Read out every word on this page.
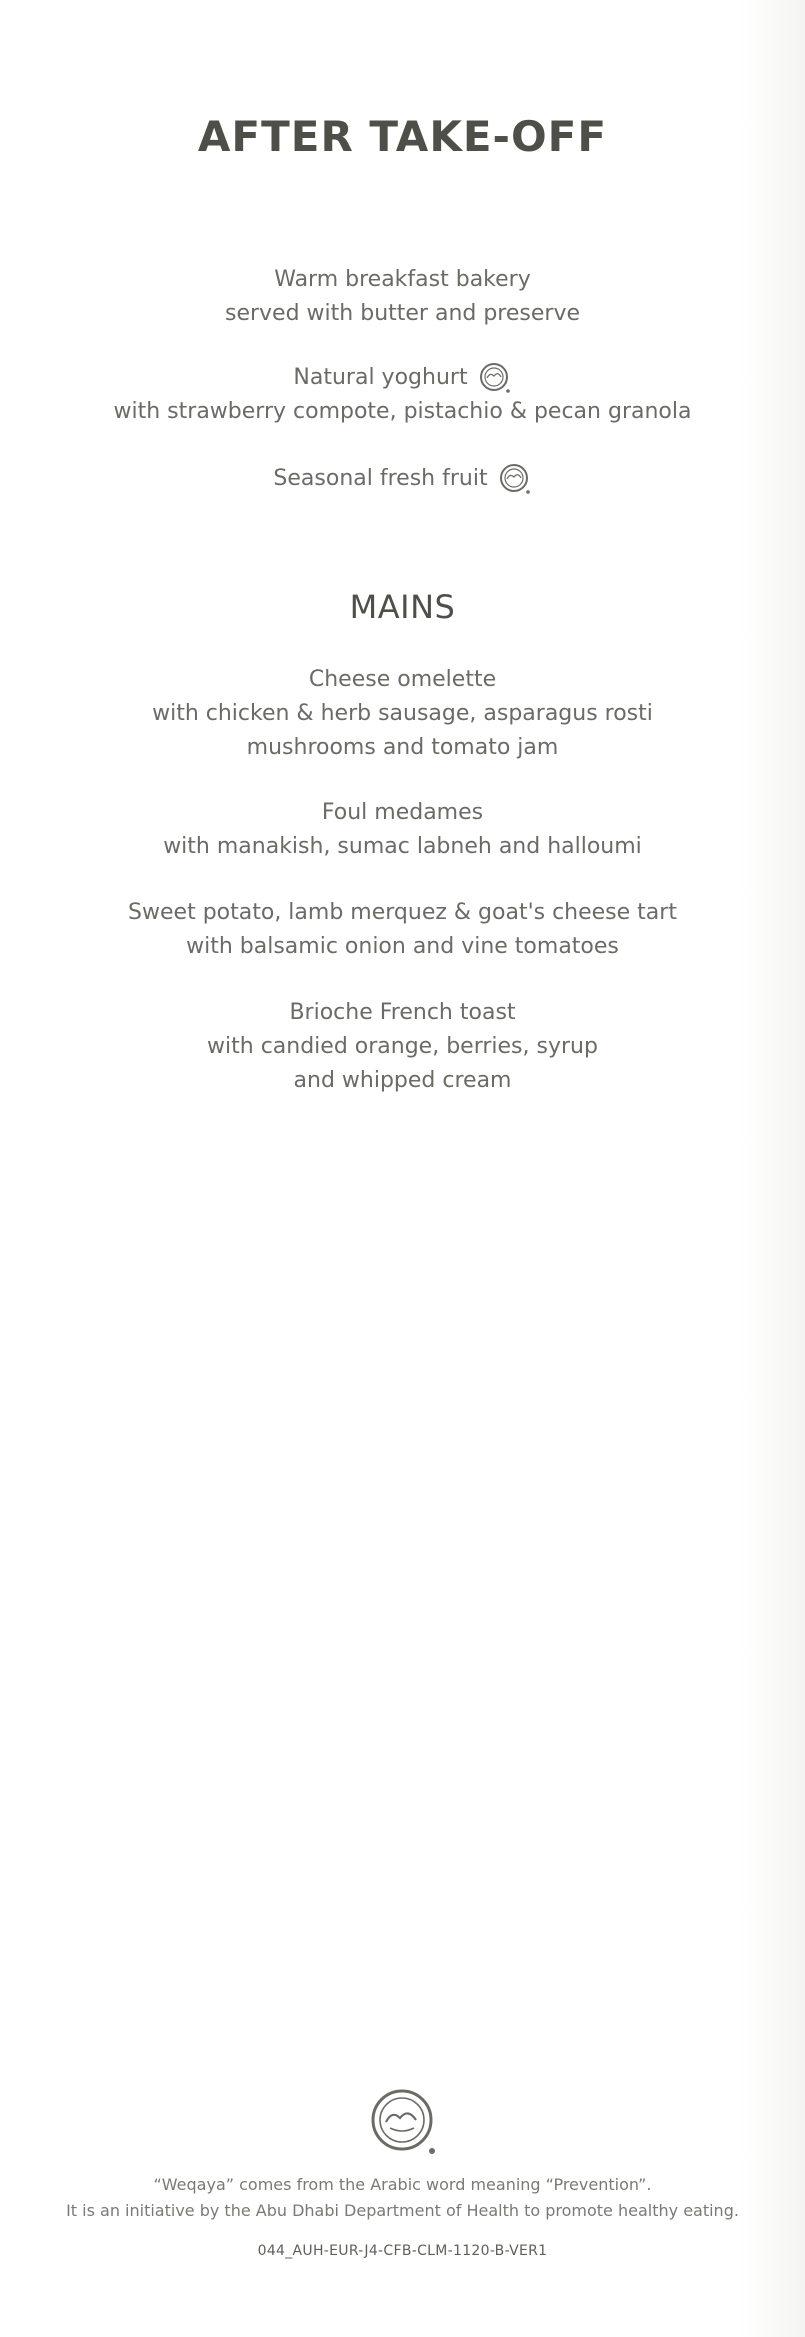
AFTER TAKE-OFF
Warm breakfast bakery
served with butter and preserve
Natural yoghurt
with strawberry compote, pistachio & pecan granola
Seasonal fresh fruit
MAINS
Cheese omelette
with chicken & herb sausage, asparagus rosti
mushrooms and tomato jam
Foul medames
with manakish, sumac labneh and halloumi
Sweet potato, lamb merquez & goat's cheese tart
with balsamic onion and vine tomatoes
Brioche French toast
with candied orange, berries, syrup
and whipped cream
“Weqaya” comes from the Arabic word meaning “Prevention”.
It is an initiative by the Abu Dhabi Department of Health to promote healthy eating.
044_AUH-EUR-J4-CFB-CLM-1120-B-VER1
